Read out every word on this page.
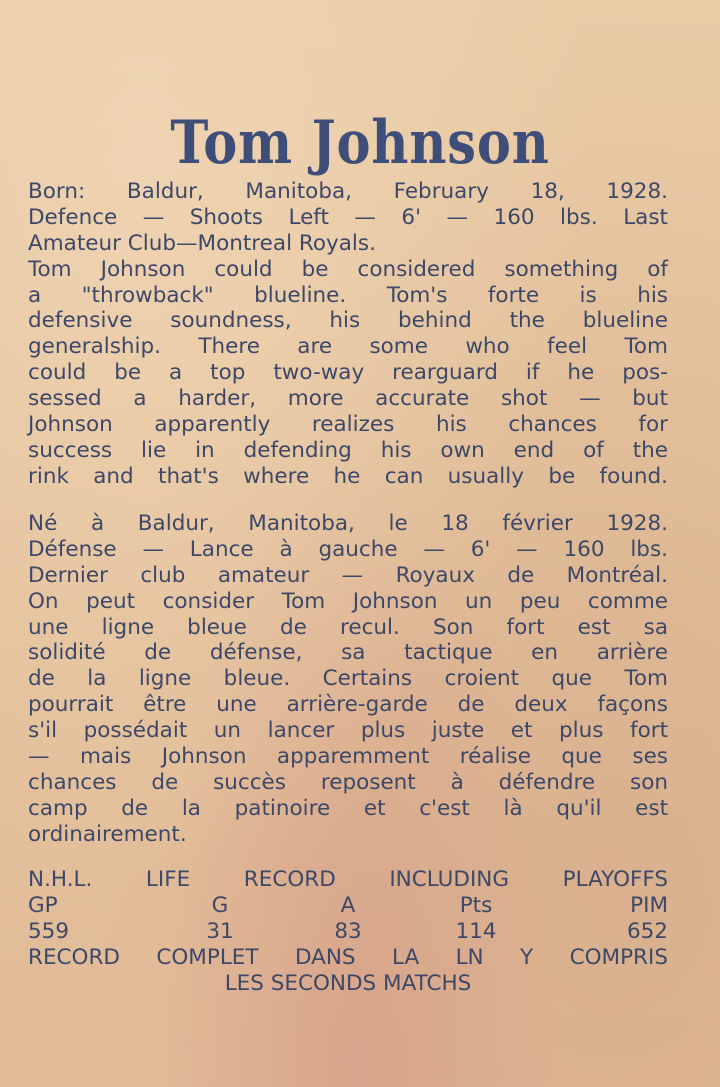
Tom Johnson
Born: Baldur, Manitoba, February 18, 1928.
Defence — Shoots Left — 6' — 160 lbs. Last
Amateur Club—Montreal Royals.
Tom Johnson could be considered something of
a "throwback" blueline. Tom's forte is his
defensive soundness, his behind the blueline
generalship. There are some who feel Tom
could be a top two-way rearguard if he pos-
sessed a harder, more accurate shot — but
Johnson apparently realizes his chances for
success lie in defending his own end of the
rink and that's where he can usually be found.
Né à Baldur, Manitoba, le 18 février 1928.
Défense — Lance à gauche — 6' — 160 lbs.
Dernier club amateur — Royaux de Montréal.
On peut consider Tom Johnson un peu comme
une ligne bleue de recul. Son fort est sa
solidité de défense, sa tactique en arrière
de la ligne bleue. Certains croient que Tom
pourrait être une arrière-garde de deux façons
s'il possédait un lancer plus juste et plus fort
— mais Johnson apparemment réalise que ses
chances de succès reposent à défendre son
camp de la patinoire et c'est là qu'il est
ordinairement.
N.H.L. LIFE RECORD INCLUDING PLAYOFFS
GP	G	A	Pts	PIM
559	31	83	114	652
RECORD COMPLET DANS LA LN Y COMPRIS
LES SECONDS MATCHS
